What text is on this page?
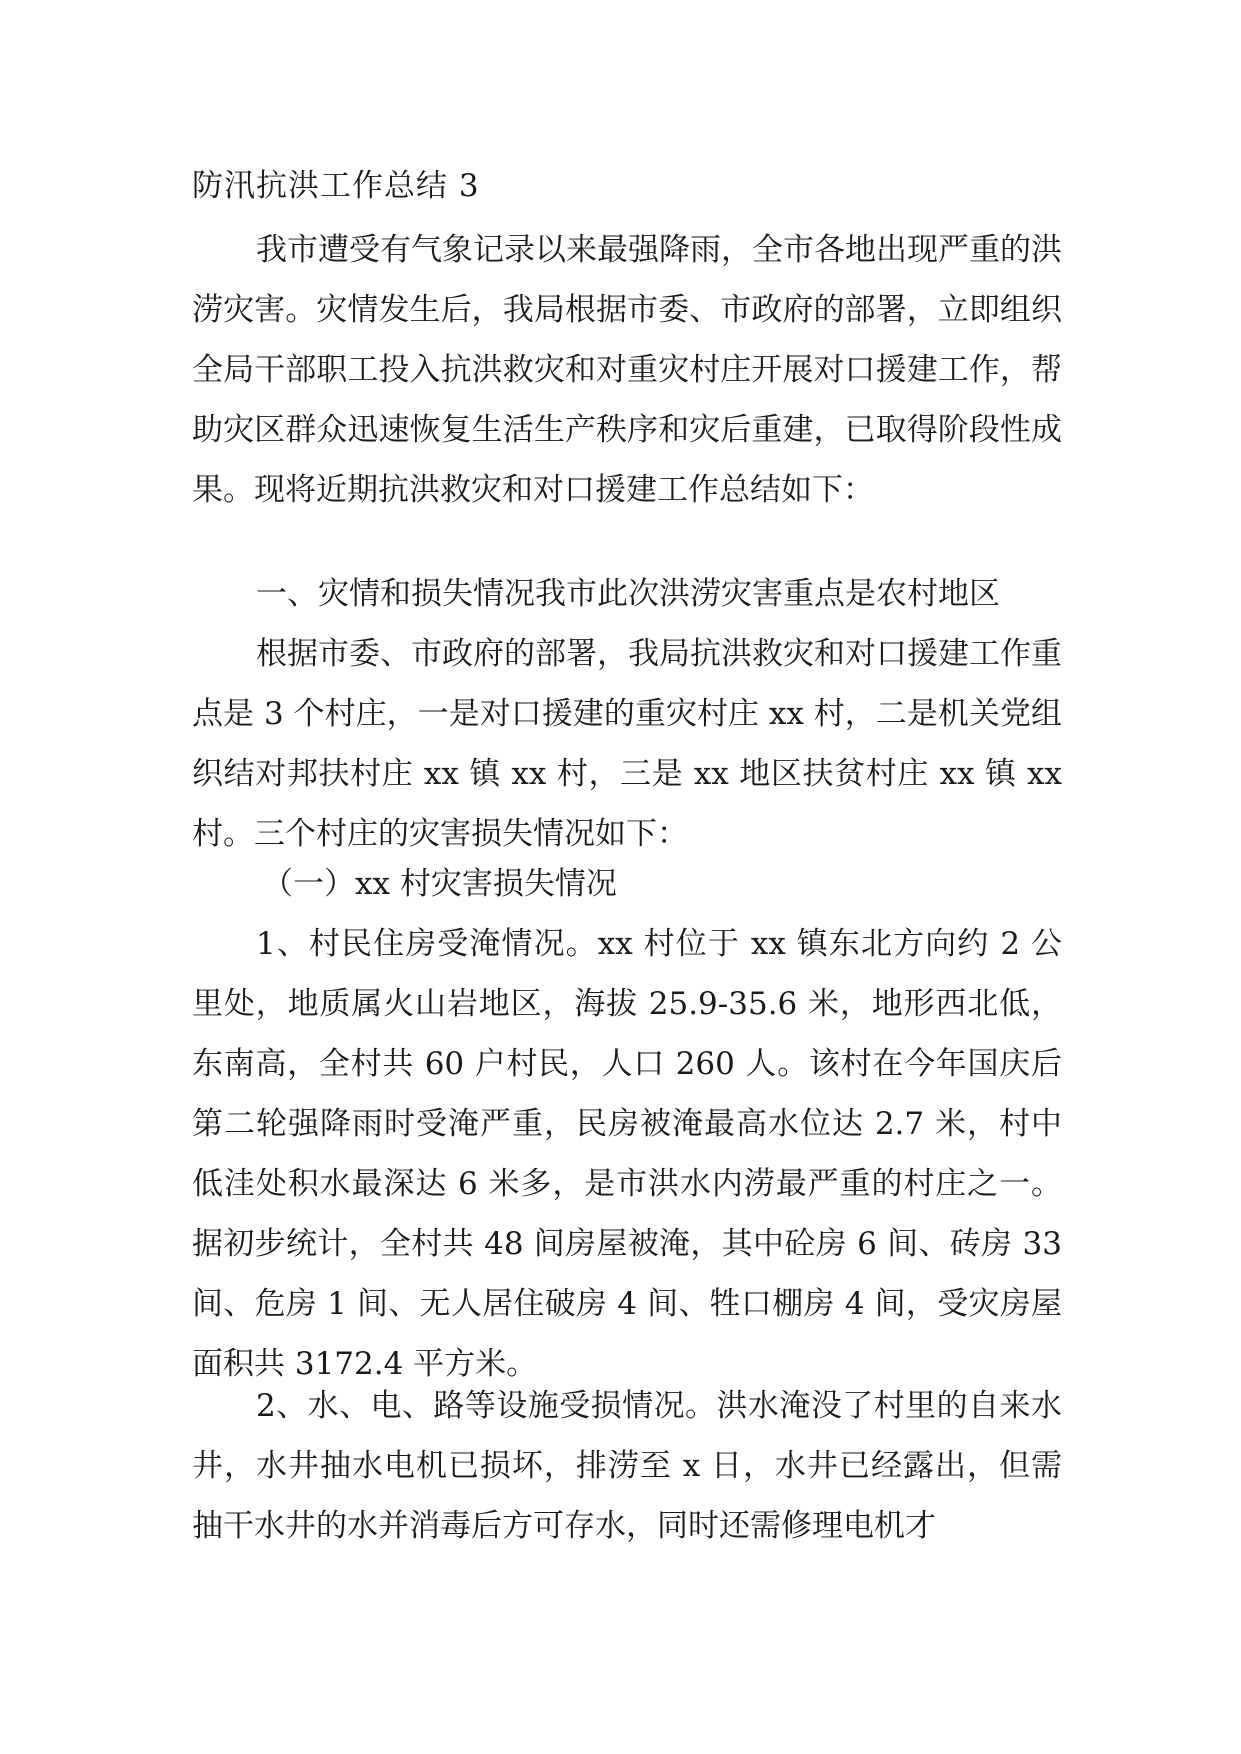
防汛抗洪工作总结 3

我市遭受有气象记录以来最强降雨，全市各地出现严重的洪涝灾害。灾情发生后，我局根据市委、市政府的部署，立即组织全局干部职工投入抗洪救灾和对重灾村庄开展对口援建工作，帮助灾区群众迅速恢复生活生产秩序和灾后重建，已取得阶段性成果。现将近期抗洪救灾和对口援建工作总结如下：

一、灾情和损失情况我市此次洪涝灾害重点是农村地区

根据市委、市政府的部署，我局抗洪救灾和对口援建工作重点是 3 个村庄，一是对口援建的重灾村庄 xx 村，二是机关党组织结对邦扶村庄 xx 镇 xx 村，三是 xx 地区扶贫村庄 xx 镇 xx 村。三个村庄的灾害损失情况如下：

（一）xx 村灾害损失情况

1、村民住房受淹情况。xx 村位于 xx 镇东北方向约 2 公里处，地质属火山岩地区，海拔 25.9-35.6 米，地形西北低，东南高，全村共 60 户村民，人口 260 人。该村在今年国庆后第二轮强降雨时受淹严重，民房被淹最高水位达 2.7 米，村中低洼处积水最深达 6 米多，是市洪水内涝最严重的村庄之一。据初步统计，全村共 48 间房屋被淹，其中砼房 6 间、砖房 33 间、危房 1 间、无人居住破房 4 间、牲口棚房 4 间，受灾房屋面积共 3172.4 平方米。

2、水、电、路等设施受损情况。洪水淹没了村里的自来水井，水井抽水电机已损坏，排涝至 x 日，水井已经露出，但需抽干水井的水并消毒后方可存水，同时还需修理电机才
